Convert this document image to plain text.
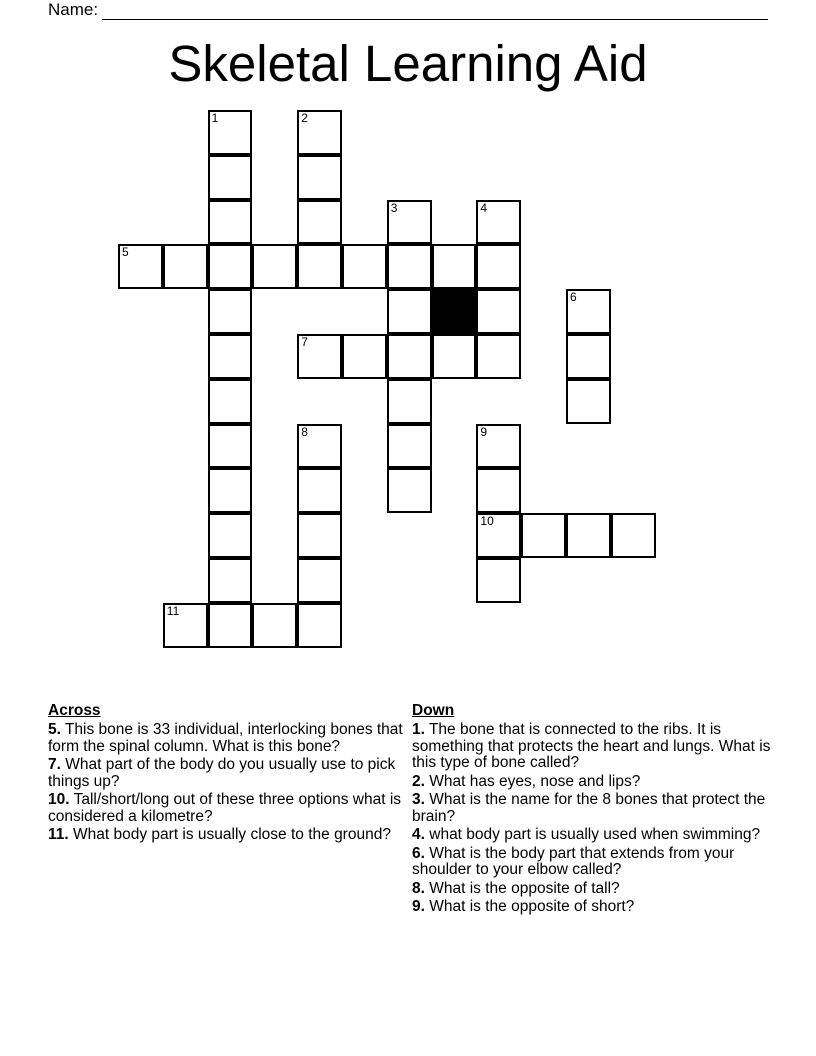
Name:
Skeletal Learning Aid
1	2
3	4
5
6
7
8	9
10
11
Across
5. This bone is 33 individual, interlocking bones that form the spinal column. What is this bone?
7. What part of the body do you usually use to pick things up?
10. Tall/short/long out of these three options what is considered a kilometre?
11. What body part is usually close to the ground?
Down
1. The bone that is connected to the ribs. It is something that protects the heart and lungs. What is this type of bone called?
2. What has eyes, nose and lips?
3. What is the name for the 8 bones that protect the brain?
4. what body part is usually used when swimming?
6. What is the body part that extends from your shoulder to your elbow called?
8. What is the opposite of tall?
9. What is the opposite of short?
